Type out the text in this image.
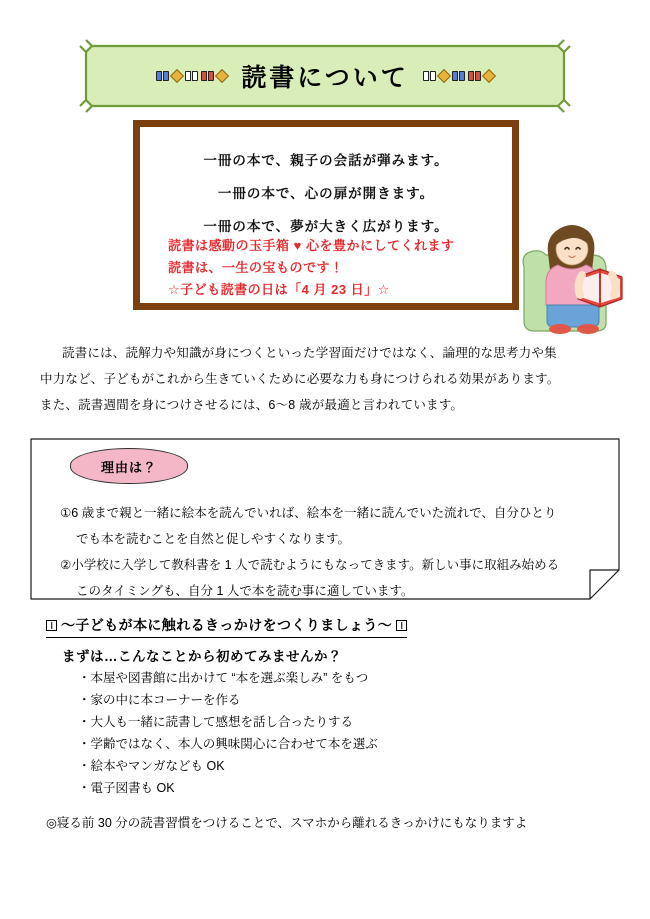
読書について
一冊の本で、親子の会話が弾みます。
一冊の本で、心の扉が開きます。
一冊の本で、夢が大きく広がります。
読書は感動の玉手箱 ♥ 心を豊かにしてくれます
読書は、一生の宝ものです！
☆子ども読書の日は「4 月 23 日」☆

読書には、読解力や知識が身につくといった学習面だけではなく、論理的な思考力や集

中力など、子どもがこれから生きていくために必要な力も身につけられる効果があります。

また、読書週間を身につけさせるには、6～8 歳が最適と言われています。

理由は？

①6 歳まで親と一緒に絵本を読んでいれば、絵本を一緒に読んでいた流れで、自分ひとり

でも本を読むことを自然と促しやすくなります。

②小学校に入学して教科書を 1 人で読むようにもなってきます。新しい事に取組み始める

このタイミングも、自分 1 人で本を読む事に適しています。

～子どもが本に触れるきっかけをつくりましょう～
まずは…こんなことから初めてみませんか？

・本屋や図書館に出かけて “本を選ぶ楽しみ” をもつ

・家の中に本コーナーを作る

・大人も一緒に読書して感想を話し合ったりする

・学齢ではなく、本人の興味関心に合わせて本を選ぶ

・絵本やマンガなども OK

・電子図書も OK

◎寝る前 30 分の読書習慣をつけることで、スマホから離れるきっかけにもなりますよ
